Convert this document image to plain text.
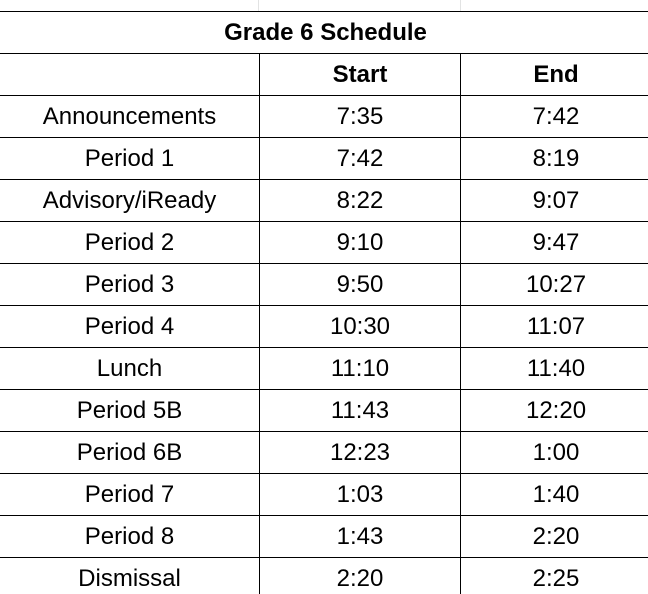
Grade 6 Schedule		
	Start	End
Announcements	7:35	7:42
Period 1	7:42	8:19
Advisory/iReady	8:22	9:07
Period 2	9:10	9:47
Period 3	9:50	10:27
Period 4	10:30	11:07
Lunch	11:10	11:40
Period 5B	11:43	12:20
Period 6B	12:23	1:00
Period 7	1:03	1:40
Period 8	1:43	2:20
Dismissal	2:20	2:25
